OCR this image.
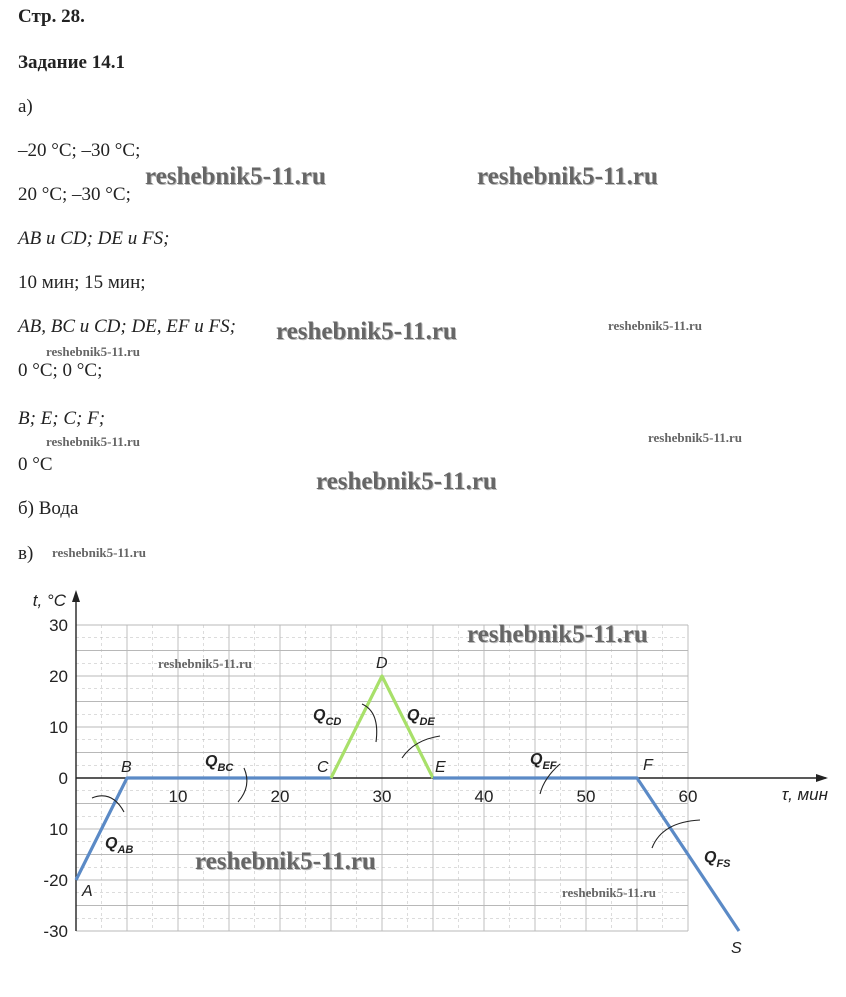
Стр. 28.
Задание 14.1
а)
–20 °С; –30 °С;
20 °С; –30 °С;
AB и CD; DE и FS;
10 мин; 15 мин;
AB, BC и CD; DE, EF и FS;
0 °С; 0 °С;
B; E; C; F;
0 °С
б) Вода
в)
reshebnik5-11.ru	reshebnik5-11.ru
reshebnik5-11.ru	reshebnik5-11.ru
reshebnik5-11.ru
reshebnik5-11.ru	reshebnik5-11.ru
reshebnik5-11.ru
reshebnik5-11.ru
30
20
10
0
10
-20
-30
10	20	30	40	50	60
t, °С
τ, мин
A
B	C
D
E	F
S
$Q_{AB}$
$Q_{BC}$
$Q_{CD}$	$Q_{DE}$
$Q_{EF}$
$Q_{FS}$
reshebnik5-11.ru
reshebnik5-11.ru
reshebnik5-11.ru
reshebnik5-11.ru
